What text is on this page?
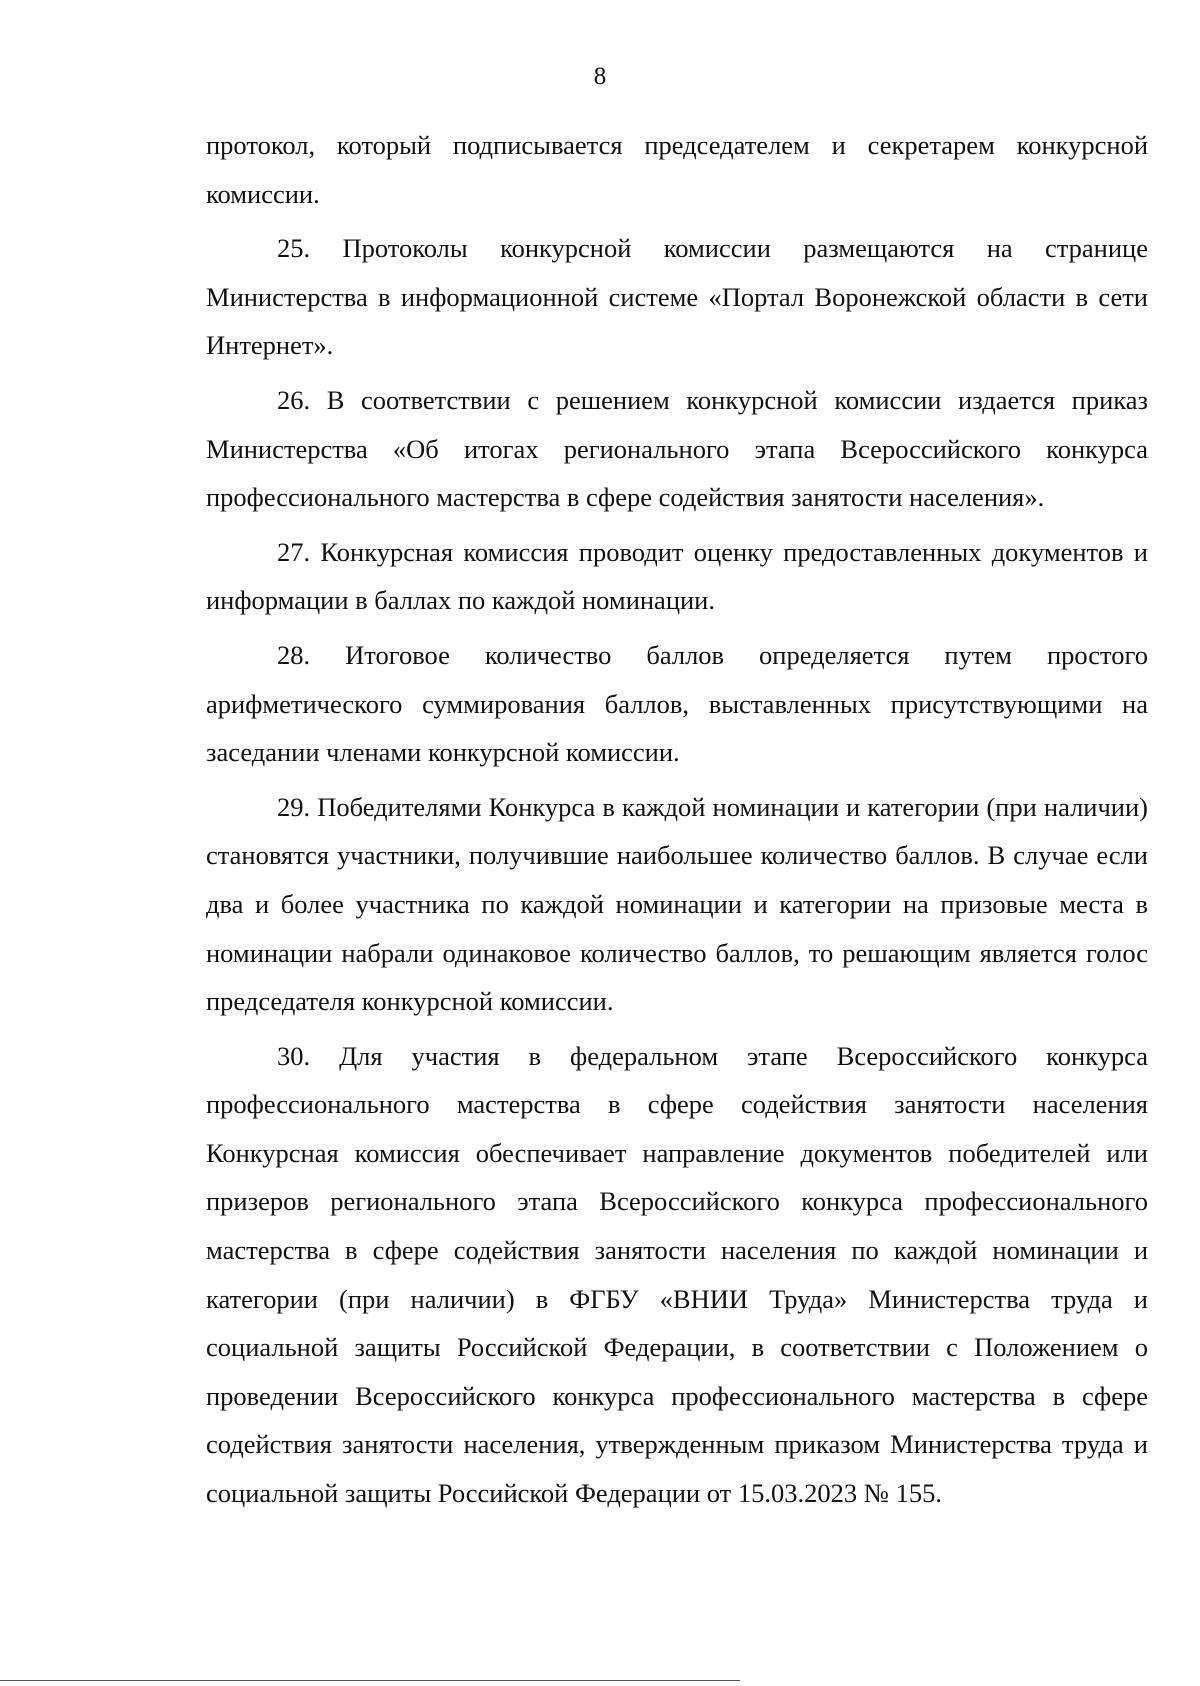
8

протокол, который подписывается председателем и секретарем конкурсной комиссии.

25. Протоколы конкурсной комиссии размещаются на странице Министерства в информационной системе «Портал Воронежской области в сети Интернет».

26. В соответствии с решением конкурсной комиссии издается приказ Министерства «Об итогах регионального этапа Всероссийского конкурса профессионального мастерства в сфере содействия занятости населения».

27. Конкурсная комиссия проводит оценку предоставленных документов и информации в баллах по каждой номинации.

28. Итоговое количество баллов определяется путем простого арифметического суммирования баллов, выставленных присутствующими на заседании членами конкурсной комиссии.

29. Победителями Конкурса в каждой номинации и категории (при наличии) становятся участники, получившие наибольшее количество баллов. В случае если два и более участника по каждой номинации и категории на призовые места в номинации набрали одинаковое количество баллов, то решающим является голос председателя конкурсной комиссии.

30. Для участия в федеральном этапе Всероссийского конкурса профессионального мастерства в сфере содействия занятости населения Конкурсная комиссия обеспечивает направление документов победителей или призеров регионального этапа Всероссийского конкурса профессионального мастерства в сфере содействия занятости населения по каждой номинации и категории (при наличии) в ФГБУ «ВНИИ Труда» Министерства труда и социальной защиты Российской Федерации, в соответствии с Положением о проведении Всероссийского конкурса профессионального мастерства в сфере содействия занятости населения, утвержденным приказом Министерства труда и социальной защиты Российской Федерации от 15.03.2023 № 155.
